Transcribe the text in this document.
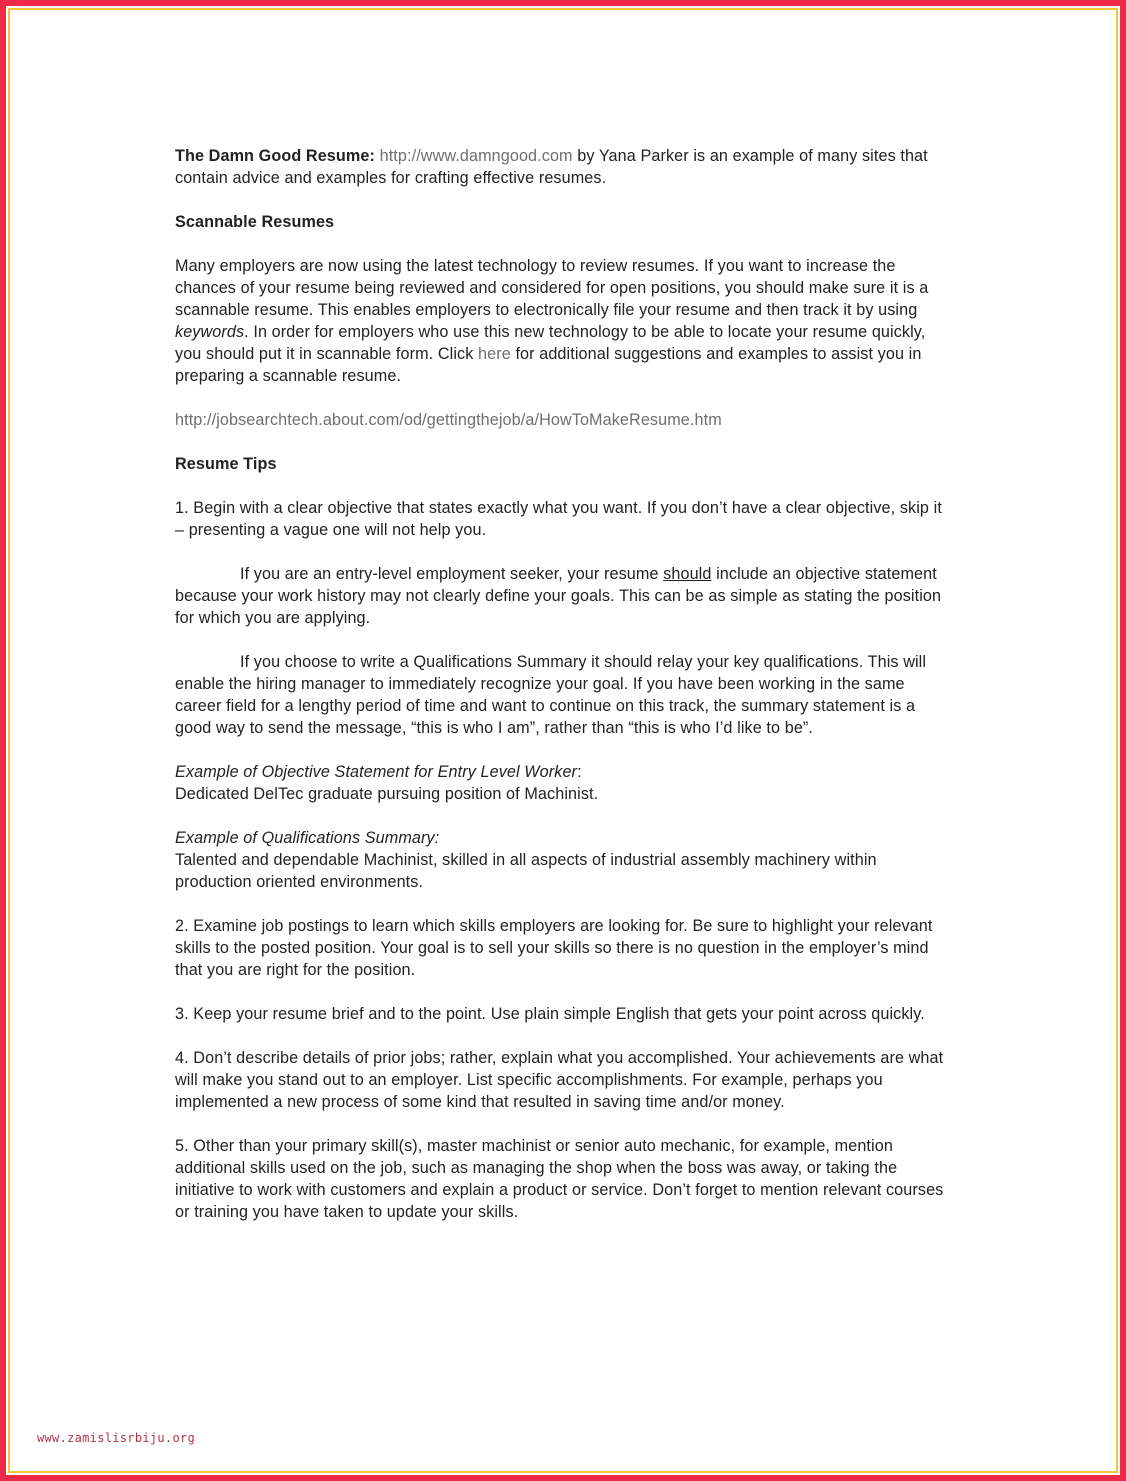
The Damn Good Resume: http://www.damngood.com by Yana Parker is an example of many sites that contain advice and examples for crafting effective resumes.

Scannable Resumes

Many employers are now using the latest technology to review resumes. If you want to increase the chances of your resume being reviewed and considered for open positions, you should make sure it is a scannable resume. This enables employers to electronically file your resume and then track it by using keywords. In order for employers who use this new technology to be able to locate your resume quickly, you should put it in scannable form. Click here for additional suggestions and examples to assist you in preparing a scannable resume.

http://jobsearchtech.about.com/od/gettingthejob/a/HowToMakeResume.htm

Resume Tips

1. Begin with a clear objective that states exactly what you want. If you don’t have a clear objective, skip it – presenting a vague one will not help you.

If you are an entry-level employment seeker, your resume should include an objective statement because your work history may not clearly define your goals. This can be as simple as stating the position for which you are applying.

If you choose to write a Qualifications Summary it should relay your key qualifications. This will enable the hiring manager to immediately recognize your goal. If you have been working in the same career field for a lengthy period of time and want to continue on this track, the summary statement is a good way to send the message, “this is who I am”, rather than “this is who I’d like to be”.

Example of Objective Statement for Entry Level Worker:
Dedicated DelTec graduate pursuing position of Machinist.

Example of Qualifications Summary:
Talented and dependable Machinist, skilled in all aspects of industrial assembly machinery within production oriented environments.

2. Examine job postings to learn which skills employers are looking for. Be sure to highlight your relevant skills to the posted position. Your goal is to sell your skills so there is no question in the employer’s mind that you are right for the position.

3. Keep your resume brief and to the point. Use plain simple English that gets your point across quickly.

4. Don’t describe details of prior jobs; rather, explain what you accomplished. Your achievements are what will make you stand out to an employer. List specific accomplishments. For example, perhaps you implemented a new process of some kind that resulted in saving time and/or money.

5. Other than your primary skill(s), master machinist or senior auto mechanic, for example, mention additional skills used on the job, such as managing the shop when the boss was away, or taking the initiative to work with customers and explain a product or service. Don’t forget to mention relevant courses or training you have taken to update your skills.

www.zamislisrbiju.org
